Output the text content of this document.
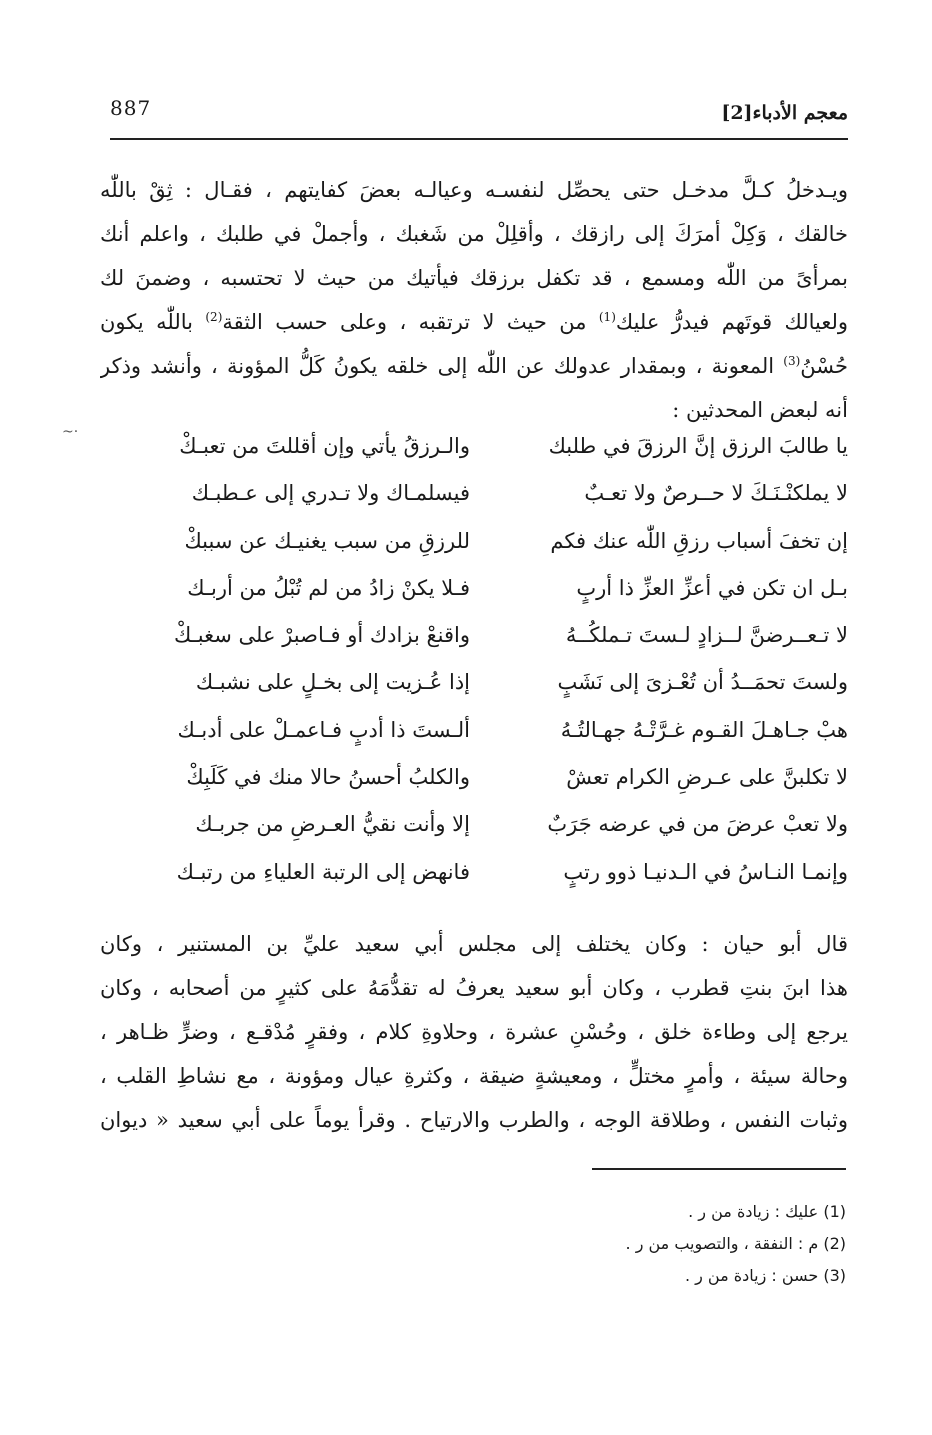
معجم الأدباء[2]
887
ويـدخلُ كـلَّ مدخـل حتى يحصِّل لنفسـه وعيالـه بعضَ كفايتهم ، فقـال : ثِقْ باللّٰه
خالقك ، وَكِلْ أمرَكَ إلى رازقك ، وأقلِلْ من شَغبك ، وأجملْ في طلبك ، واعلم أنك
بمرأىً من اللّٰه ومسمع ، قد تكفل برزقك فيأتيك من حيث لا تحتسبه ، وضمنَ لك
ولعيالك قوتَهم فيدرُّ عليك$^{(1)}$ من حيث لا ترتقبه ، وعلى حسب الثقة$^{(2)}$ باللّٰه يكون
حُسْنُ$^{(3)}$ المعونة ، وبمقدار عدولك عن اللّٰه إلى خلقه يكونُ كَلُّ المؤونة ، وأنشد وذكر
أنه لبعض المحدثين :
~·
يا طالبَ الرزق إنَّ الرزقَ في طلبك
والـرزقُ يأتي وإن أقللتَ من تعبـكْ
لا يملكنْـنَـكَ لا حــرصٌ ولا تعـبٌ
فيسلمـاك ولا تـدري إلى عـطبـك
إن تخفَ أسباب رزقِ اللّٰه عنك فكم
للرزقِ من سبب يغنيـك عن سببكْ
بـل ان تكن في أعزِّ العزِّ ذا أربٍ
فـلا يكنْ زادُ من لم تُبْلُ من أربـك
لا تـعــرضنَّ لــزادٍ لـستَ تـملكُــهُ
واقنعْ بزادك أو فـاصبرْ على سغبـكْ
ولستَ تحمَــدُ أن تُعْـزىَ إلى نَشَبٍ
إذا عُـزيت إلى بخـلٍ على نشبـك
هبْ جـاهـلَ القـوم غـرَّتْـهُ جهـالتُـهُ
ألـستَ ذا أدبٍ فـاعمـلْ على أدبـك
لا تكلبنَّ على عـرضِ الكرام تعشْ
والكلبُ أحسنُ حالا منك في كَلَبِكْ
ولا تعبْ عرضَ من في عرضه جَرَبٌ
إلا وأنت نقيُّ العـرضِ من جربـك
وإنمـا النـاسُ في الـدنيـا ذوو رتبٍ
فانهض إلى الرتبة العلياءِ من رتبـك
قال أبو حيان : وكان يختلف إلى مجلس أبي سعيد عليِّ بن المستنير ، وكان
هذا ابنَ بنتِ قطرب ، وكان أبو سعيد يعرفُ له تقدُّمَهُ على كثيرٍ من أصحابه ، وكان
يرجع إلى وطاءة خلق ، وحُسْنِ عشرة ، وحلاوةِ كلام ، وفقرٍ مُدْقـع ، وضرٍّ ظـاهر ،
وحالة سيئة ، وأمرٍ مختلٍّ ، ومعيشةٍ ضيقة ، وكثرةِ عيال ومؤونة ، مع نشاطِ القلب ،
وثبات النفس ، وطلاقة الوجه ، والطرب والارتياح . وقرأ يوماً على أبي سعيد « ديوان
(1) عليك : زيادة من ر .
(2) م : النفقة ، والتصويب من ر .
(3) حسن : زيادة من ر .
